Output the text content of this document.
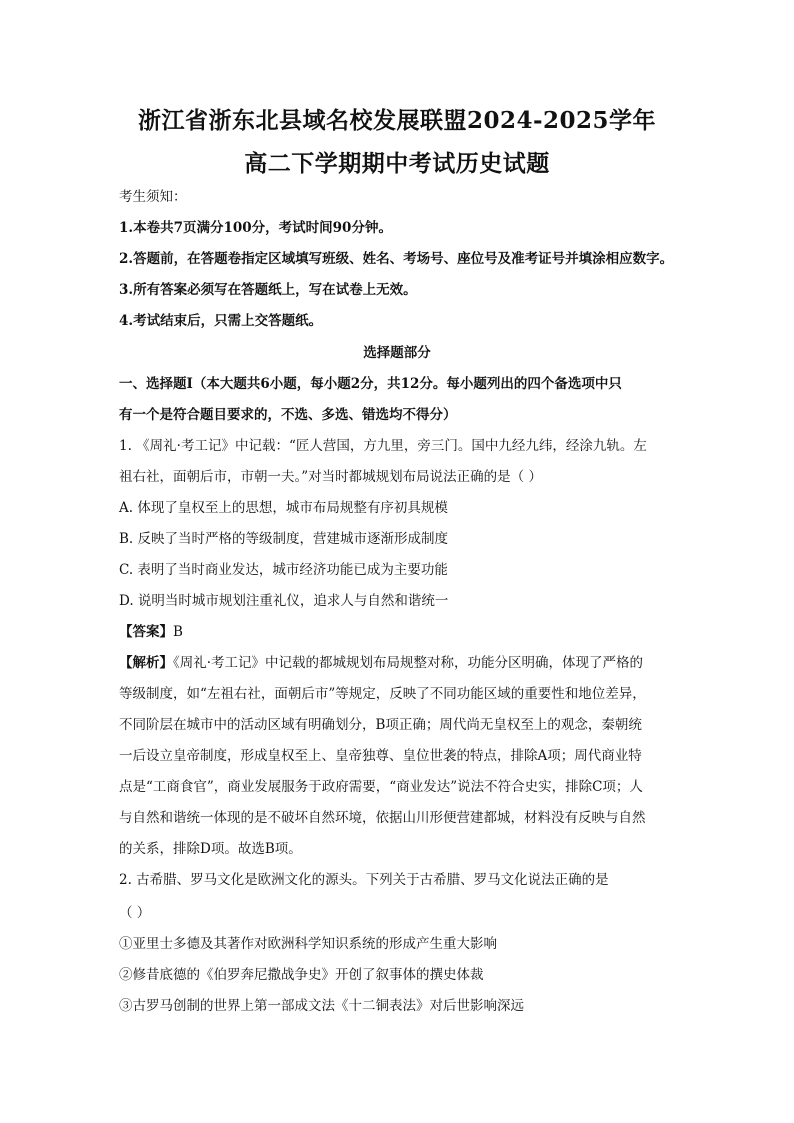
浙江省浙东北县域名校发展联盟2024-2025学年
高二下学期期中考试历史试题
考生须知：
1.本卷共7页满分100分，考试时间90分钟。
2.答题前，在答题卷指定区域填写班级、姓名、考场号、座位号及准考证号并填涂相应数字。
3.所有答案必须写在答题纸上，写在试卷上无效。
4.考试结束后，只需上交答题纸。
选择题部分
一、选择题Ⅰ（本大题共6小题，每小题2分，共12分。每小题列出的四个备选项中只
有一个是符合题目要求的，不选、多选、错选均不得分）
1. 《周礼·考工记》中记载：“匠人营国，方九里，旁三门。国中九经九纬，经涂九轨。左
祖右社，面朝后市，市朝一夫。”对当时都城规划布局说法正确的是（ ）
A. 体现了皇权至上的思想，城市布局规整有序初具规模
B. 反映了当时严格的等级制度，营建城市逐渐形成制度
C. 表明了当时商业发达，城市经济功能已成为主要功能
D. 说明当时城市规划注重礼仪，追求人与自然和谐统一
【答案】B
【解析】《周礼·考工记》中记载的都城规划布局规整对称，功能分区明确，体现了严格的
等级制度，如“左祖右社，面朝后市”等规定，反映了不同功能区域的重要性和地位差异，
不同阶层在城市中的活动区域有明确划分，B项正确；周代尚无皇权至上的观念，秦朝统
一后设立皇帝制度，形成皇权至上、皇帝独尊、皇位世袭的特点，排除A项；周代商业特
点是“工商食官”，商业发展服务于政府需要，“商业发达”说法不符合史实，排除C项；人
与自然和谐统一体现的是不破坏自然环境，依据山川形便营建都城，材料没有反映与自然
的关系，排除D项。故选B项。
2. 古希腊、罗马文化是欧洲文化的源头。下列关于古希腊、罗马文化说法正确的是
（ ）
①亚里士多德及其著作对欧洲科学知识系统的形成产生重大影响
②修昔底德的《伯罗奔尼撒战争史》开创了叙事体的撰史体裁
③古罗马创制的世界上第一部成文法《十二铜表法》对后世影响深远
